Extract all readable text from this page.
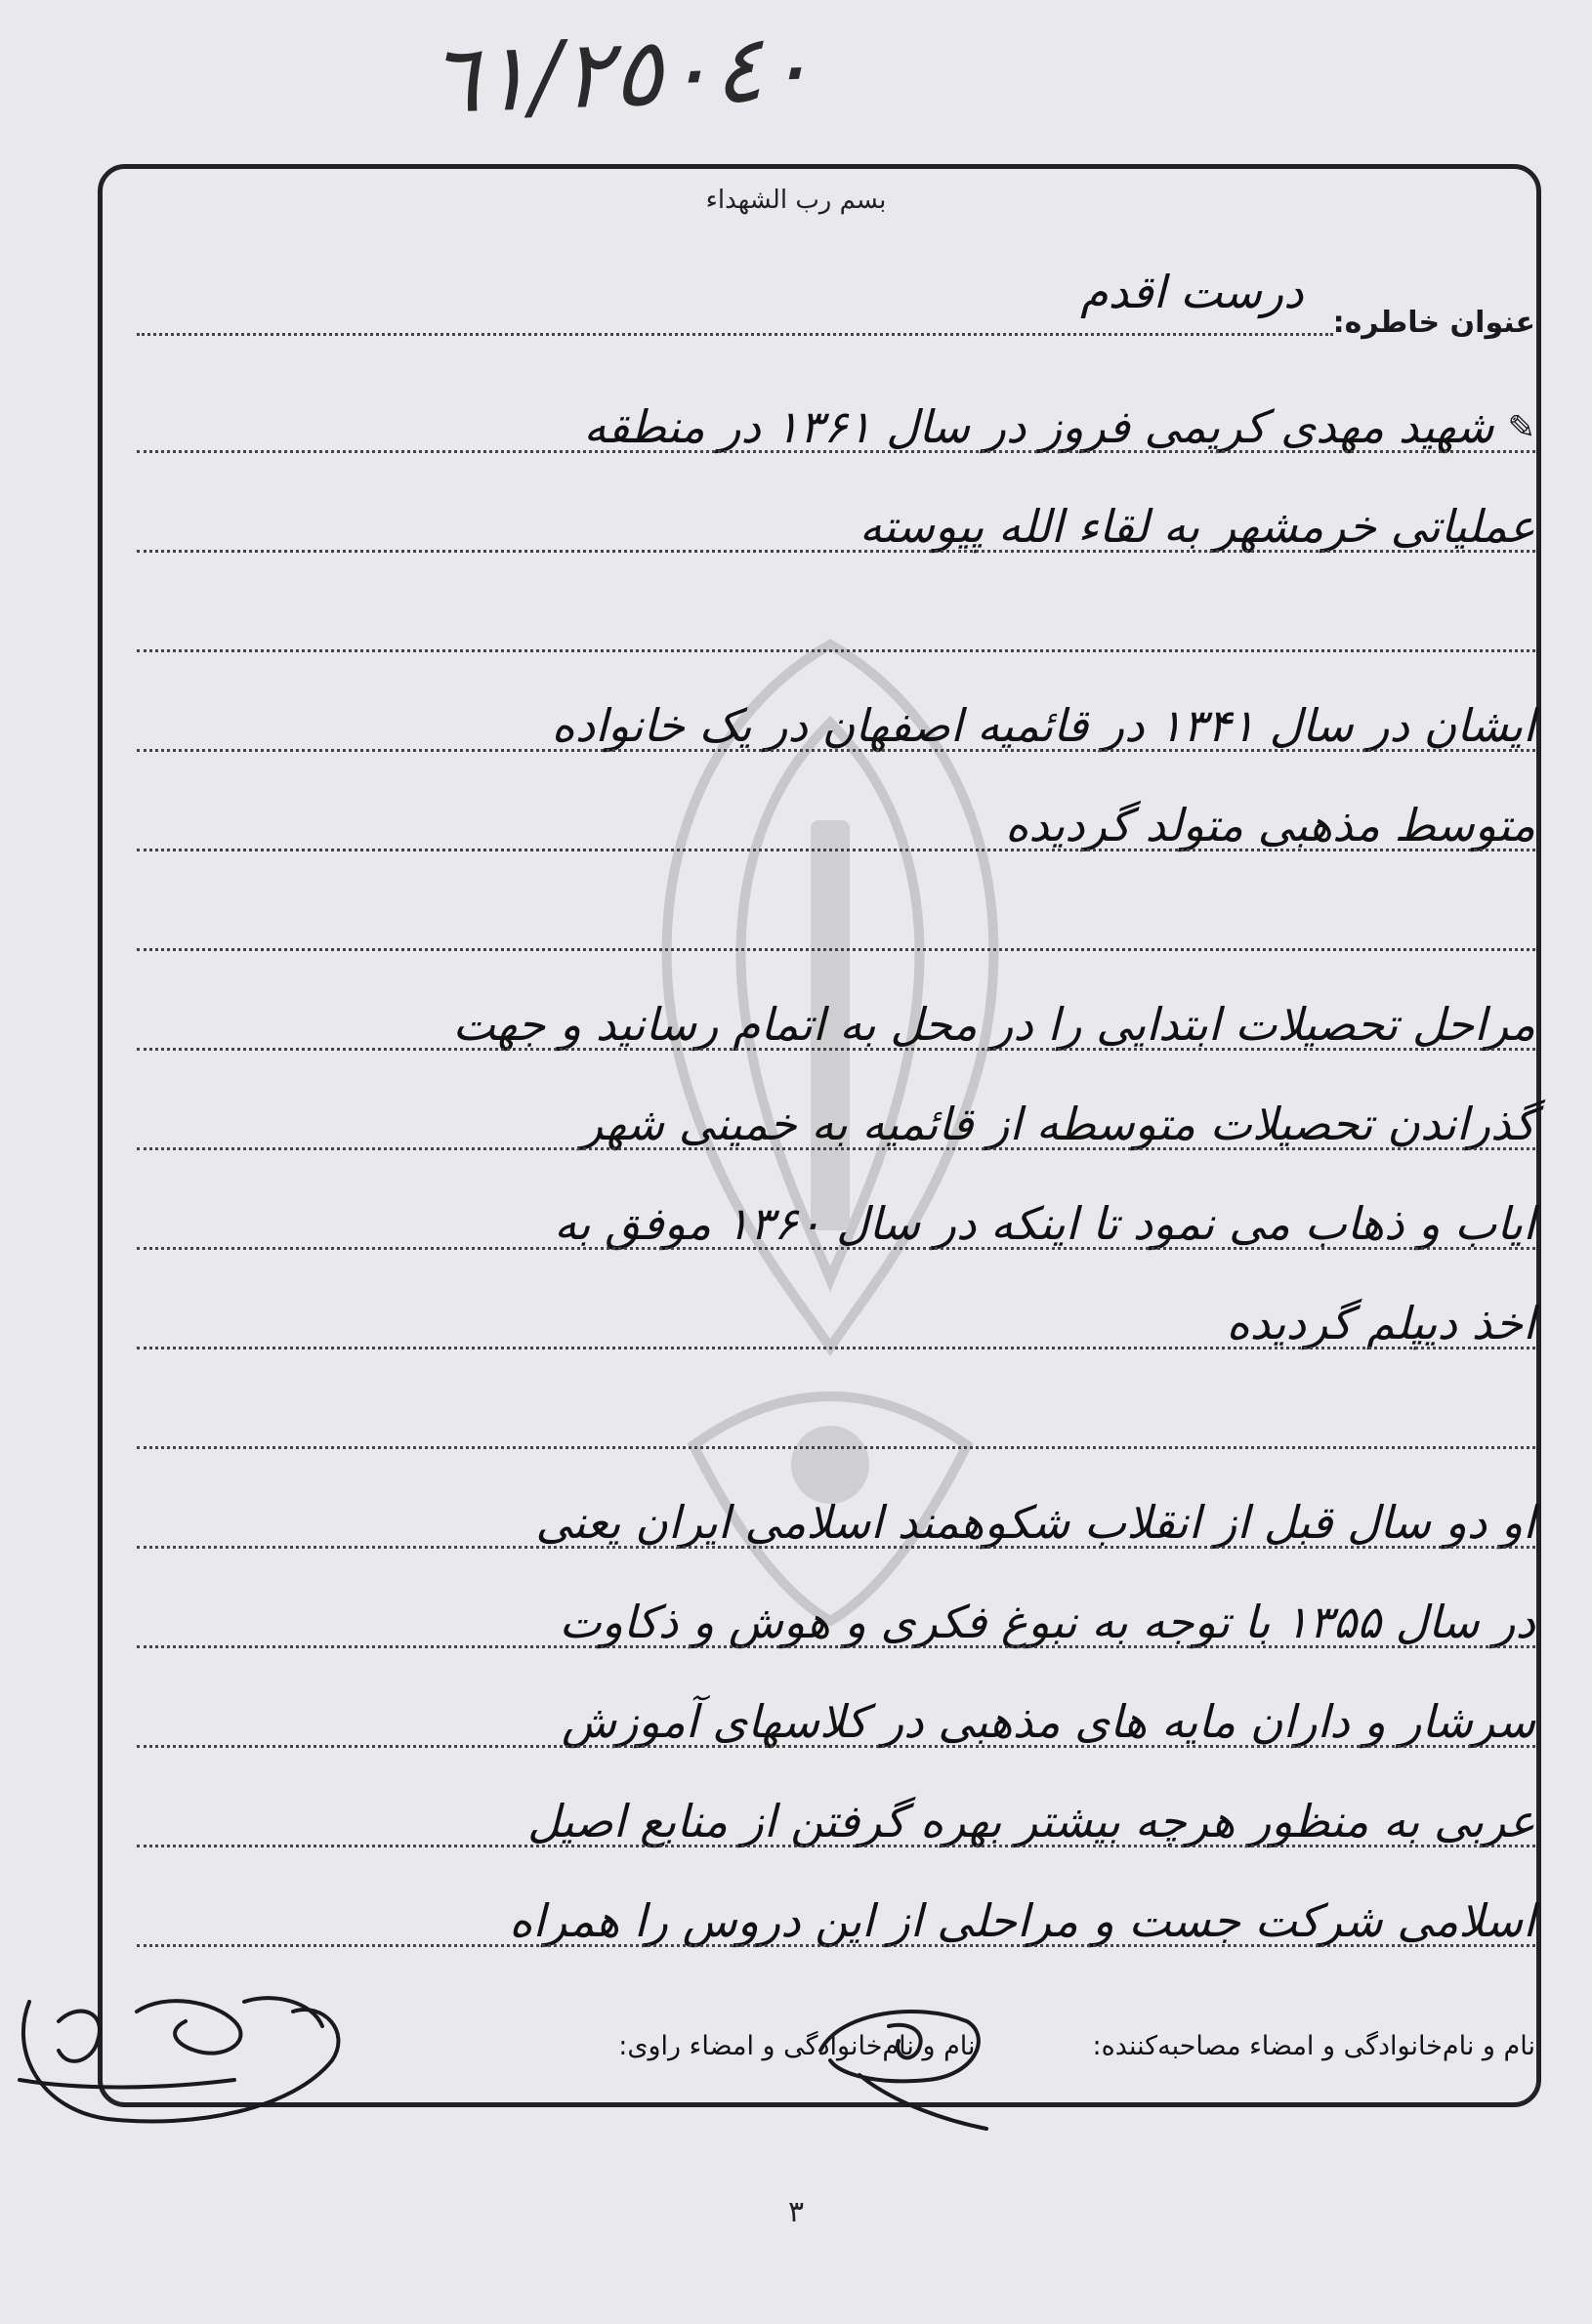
٦١/٢٥٠٤٠
بسم رب الشهداء
عنوان خاطره:
درست اقدم
✎
شهید مهدی کریمی فروز در سال ۱۳۶۱ در منطقه
عملیاتی خرمشهر به لقاء الله پیوسته
ایشان در سال ۱۳۴۱ در قائمیه اصفهان در یک خانواده
متوسط مذهبی متولد گردیده
مراحل تحصیلات ابتدایی را در محل به اتمام رسانید و جهت
گذراندن تحصیلات متوسطه از قائمیه به خمینی شهر
ایاب و ذهاب می نمود تا اینکه در سال ۱۳۶۰ موفق به
اخذ دیپلم گردیده
او دو سال قبل از انقلاب شکوهمند اسلامی ایران یعنی
در سال ۱۳۵۵ با توجه به نبوغ فکری و هوش و ذکاوت
سرشار و داران مایه های مذهبی در کلاسهای آموزش
عربی به منظور هرچه بیشتر بهره گرفتن از منابع اصیل
اسلامی شرکت جست و مراحلی از این دروس را همراه
نام و نام‌خانوادگی و امضاء مصاحبه‌کننده:
نام و نام‌خانوادگی و امضاء راوی:
۳
